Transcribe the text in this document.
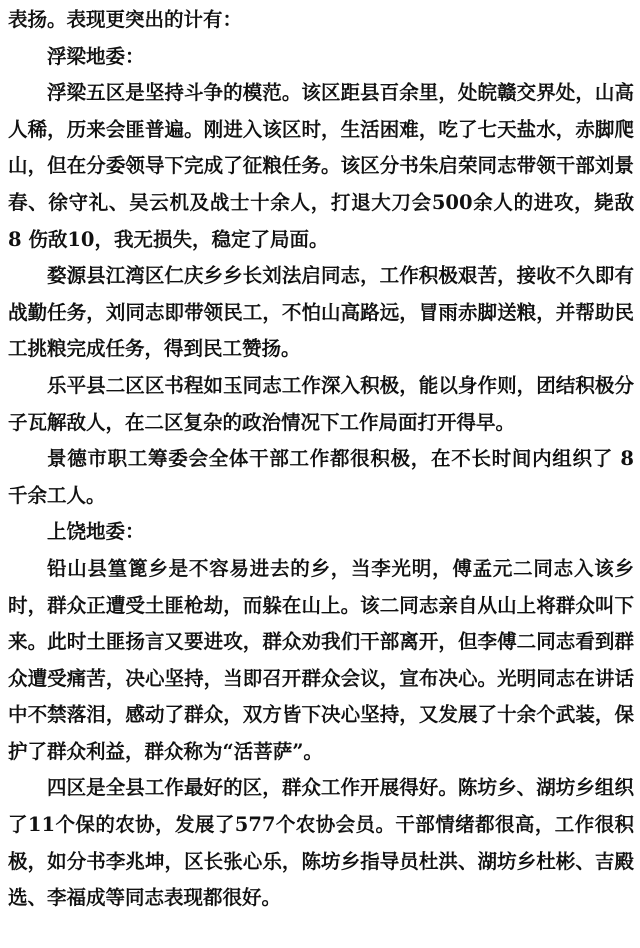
表扬。表现更突出的计有：

浮梁地委：

浮梁五区是坚持斗争的模范。该区距县百余里，处皖赣交界处，山高人稀，历来会匪普遍。刚进入该区时，生活困难，吃了七天盐水，赤脚爬山，但在分委领导下完成了征粮任务。该区分书朱启荣同志带领干部刘景春、徐守礼、吴云机及战士十余人，打退大刀会500余人的进攻，毙敌 8 伤敌10，我无损失，稳定了局面。

婺源县江湾区仁庆乡乡长刘法启同志，工作积极艰苦，接收不久即有战勤任务，刘同志即带领民工，不怕山高路远，冒雨赤脚送粮，并帮助民工挑粮完成任务，得到民工赞扬。

乐平县二区区书程如玉同志工作深入积极，能以身作则，团结积极分子瓦解敌人，在二区复杂的政治情况下工作局面打开得早。

景德市职工筹委会全体干部工作都很积极，在不长时间内组织了 8 千余工人。

上饶地委：

铅山县篁篦乡是不容易进去的乡，当李光明，傅孟元二同志入该乡时，群众正遭受土匪枪劫，而躲在山上。该二同志亲自从山上将群众叫下来。此时土匪扬言又要进攻，群众劝我们干部离开，但李傅二同志看到群众遭受痛苦，决心坚持，当即召开群众会议，宣布决心。光明同志在讲话中不禁落泪，感动了群众，双方皆下决心坚持，又发展了十余个武装，保护了群众利益，群众称为“活菩萨”。

四区是全县工作最好的区，群众工作开展得好。陈坊乡、湖坊乡组织了11个保的农协，发展了577个农协会员。干部情绪都很高，工作很积极，如分书李兆坤，区长张心乐，陈坊乡指导员杜洪、湖坊乡杜彬、吉殿选、李福成等同志表现都很好。
